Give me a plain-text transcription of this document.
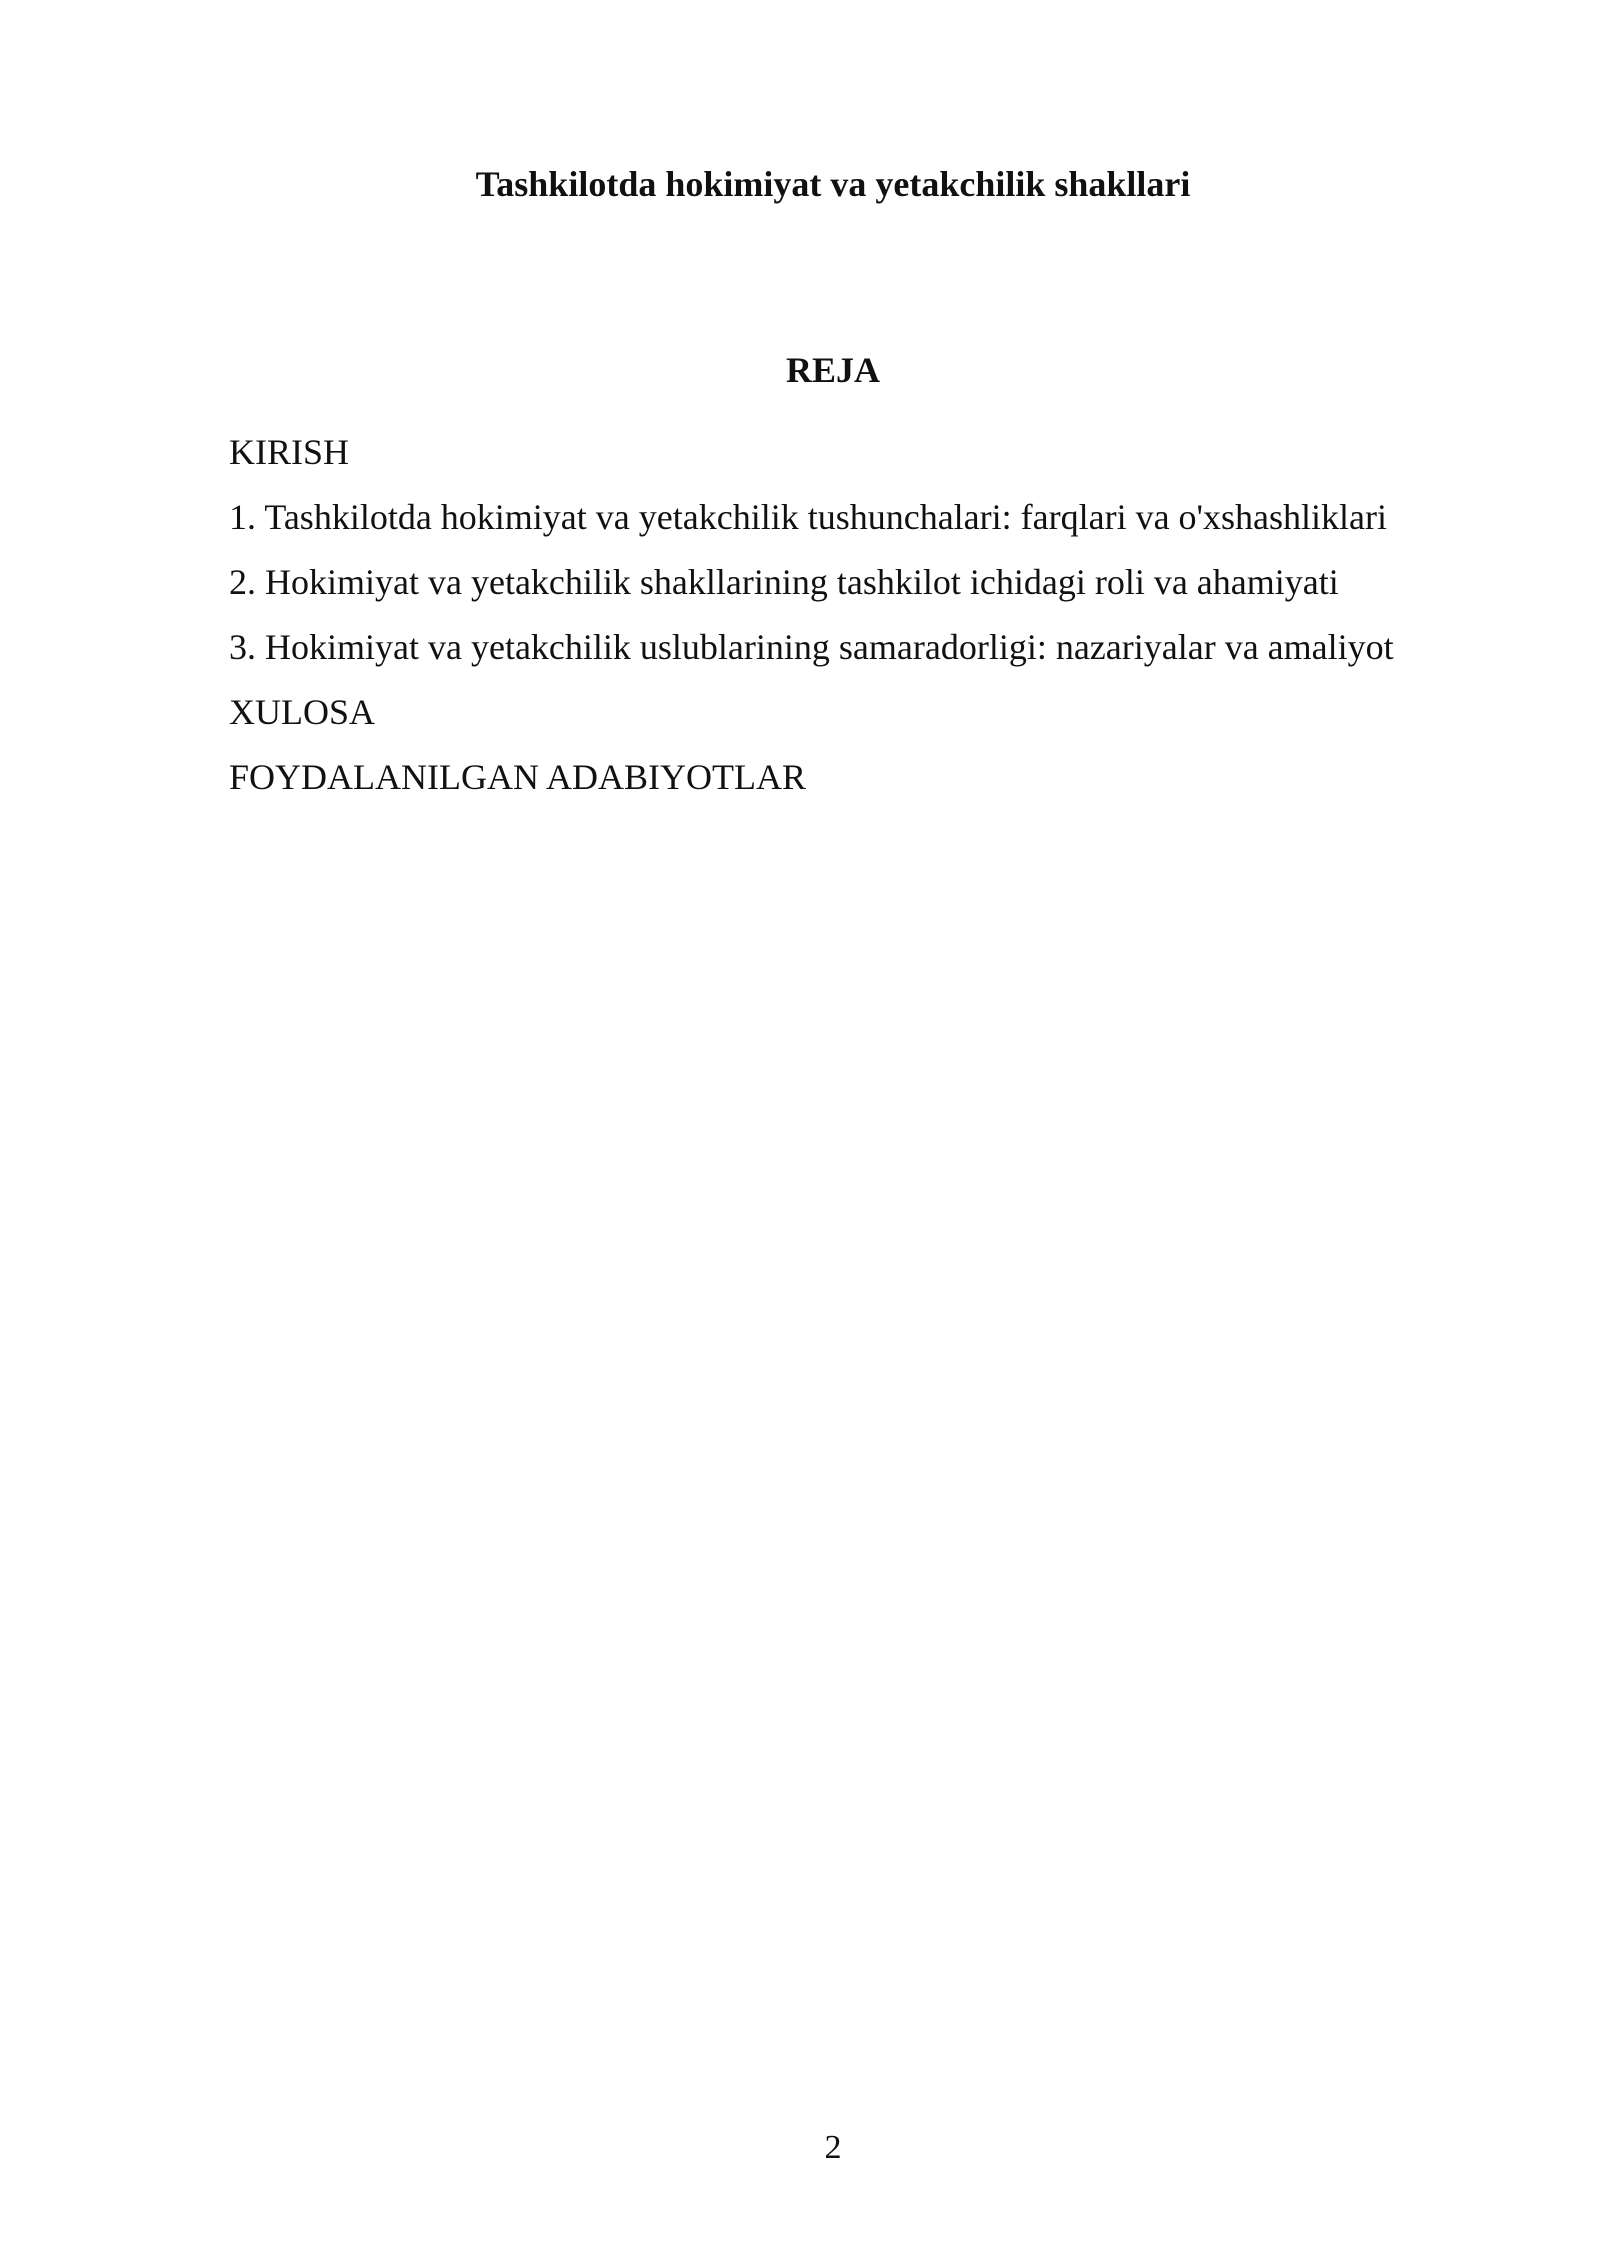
Tashkilotda hokimiyat va yetakchilik shakllari
REJA
KIRISH
1. Tashkilotda hokimiyat va yetakchilik tushunchalari: farqlari va o'xshashliklari
2. Hokimiyat va yetakchilik shakllarining tashkilot ichidagi roli va ahamiyati
3. Hokimiyat va yetakchilik uslublarining samaradorligi: nazariyalar va amaliyot
XULOSA
FOYDALANILGAN ADABIYOTLAR
2
